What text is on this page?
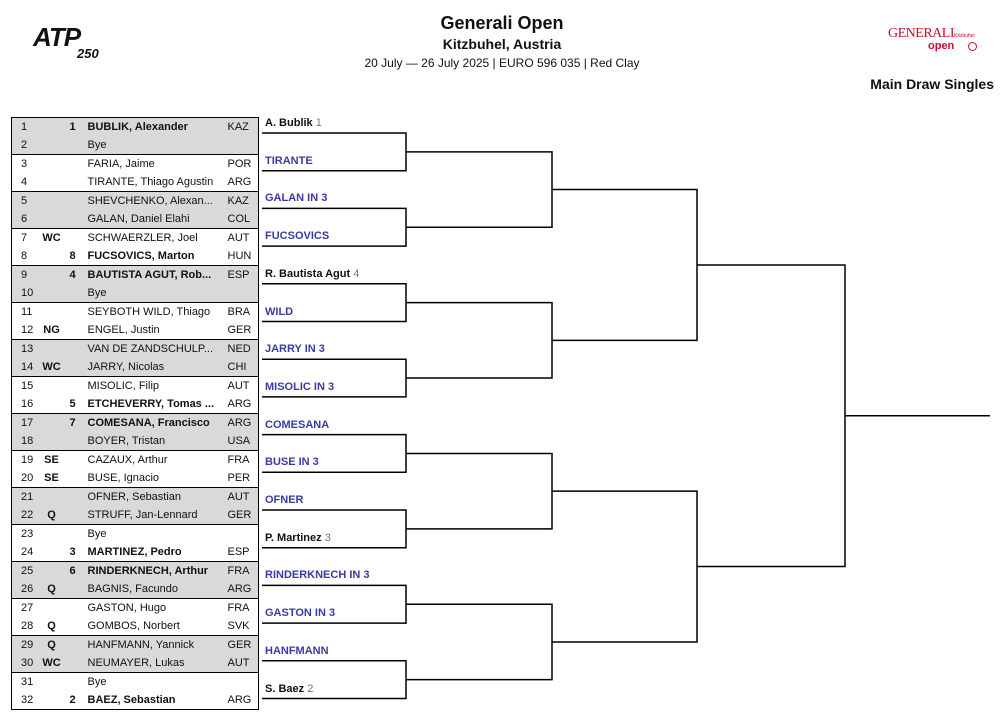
ATP
250
Generali Open
Kitzbuhel, Austria
20 July — 26 July 2025 | EURO 596 035 | Red Clay
GENERALI Kitzbuhel
open
Main Draw Singles
1		1	BUBLIK, Alexander	KAZ
2			Bye	
3			FARIA, Jaime	POR
4			TIRANTE, Thiago Agustin	ARG
5			SHEVCHENKO, Alexan...	KAZ
6			GALAN, Daniel Elahi	COL
7	WC		SCHWAERZLER, Joel	AUT
8		8	FUCSOVICS, Marton	HUN
9		4	BAUTISTA AGUT, Rob...	ESP
10			Bye	
11			SEYBOTH WILD, Thiago	BRA
12	NG		ENGEL, Justin	GER
13			VAN DE ZANDSCHULP...	NED
14	WC		JARRY, Nicolas	CHI
15			MISOLIC, Filip	AUT
16		5	ETCHEVERRY, Tomas ...	ARG
17		7	COMESANA, Francisco	ARG
18			BOYER, Tristan	USA
19	SE		CAZAUX, Arthur	FRA
20	SE		BUSE, Ignacio	PER
21			OFNER, Sebastian	AUT
22	Q		STRUFF, Jan-Lennard	GER
23			Bye	
24		3	MARTINEZ, Pedro	ESP
25		6	RINDERKNECH, Arthur	FRA
26	Q		BAGNIS, Facundo	ARG
27			GASTON, Hugo	FRA
28	Q		GOMBOS, Norbert	SVK
29	Q		HANFMANN, Yannick	GER
30	WC		NEUMAYER, Lukas	AUT
31			Bye	
32		2	BAEZ, Sebastian	ARG
A. Bublik 1
TIRANTE
GALAN IN 3
FUCSOVICS
R. Bautista Agut 4
WILD
JARRY IN 3
MISOLIC IN 3
COMESANA
BUSE IN 3
OFNER
P. Martinez 3
RINDERKNECH IN 3
GASTON IN 3
HANFMANN
S. Baez 2
